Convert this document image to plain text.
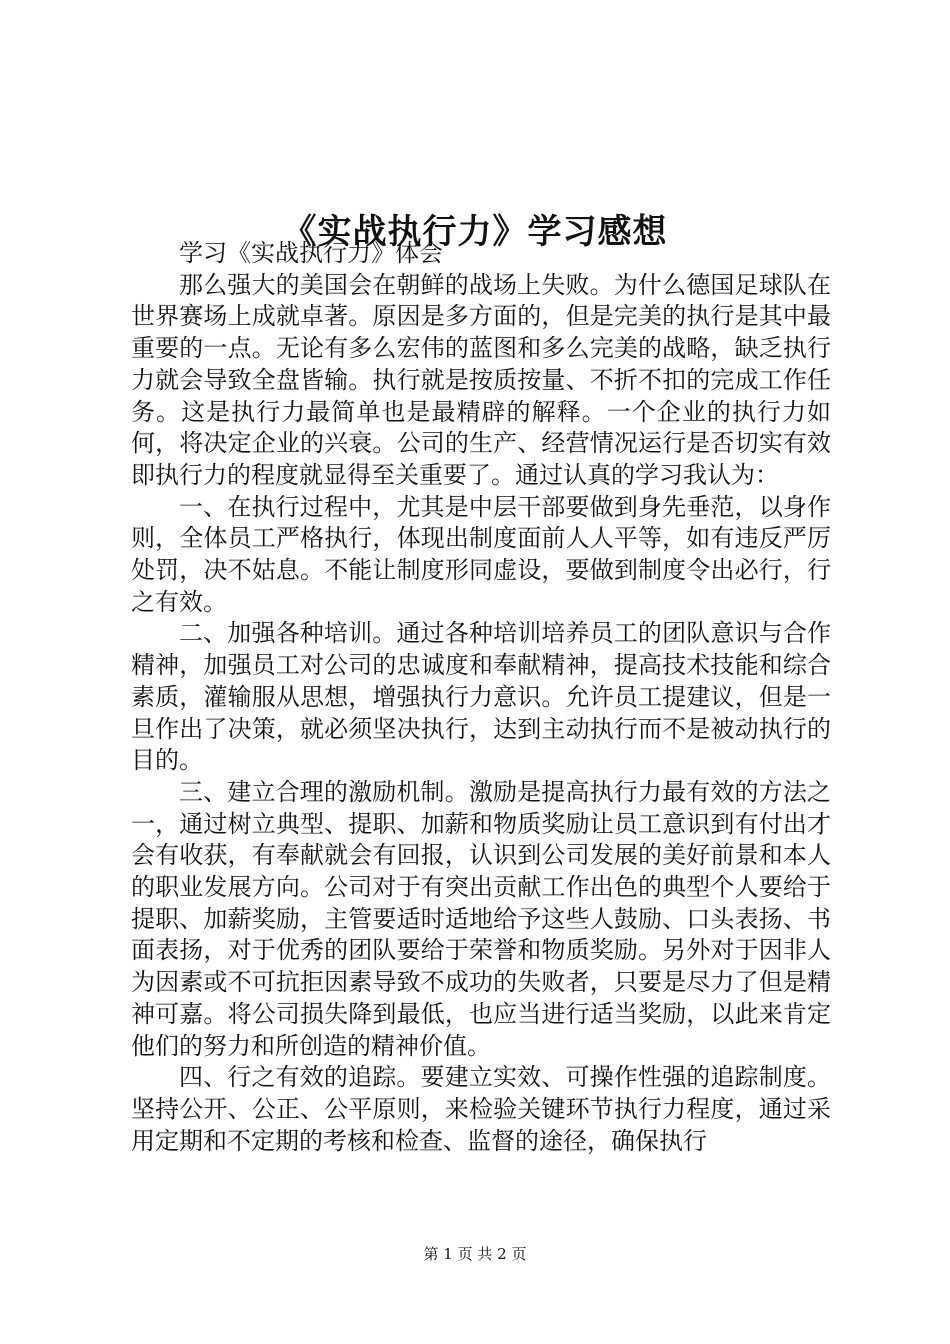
《实战执行力》学习感想

学习《实战执行力》体会

那么强大的美国会在朝鲜的战场上失败。为什么德国足球队在世界赛场上成就卓著。原因是多方面的，但是完美的执行是其中最重要的一点。无论有多么宏伟的蓝图和多么完美的战略，缺乏执行力就会导致全盘皆输。执行就是按质按量、不折不扣的完成工作任务。这是执行力最简单也是最精辟的解释。一个企业的执行力如何，将决定企业的兴衰。公司的生产、经营情况运行是否切实有效即执行力的程度就显得至关重要了。通过认真的学习我认为：

一、在执行过程中，尤其是中层干部要做到身先垂范，以身作则，全体员工严格执行，体现出制度面前人人平等，如有违反严厉处罚，决不姑息。不能让制度形同虚设，要做到制度令出必行，行之有效。

二、加强各种培训。通过各种培训培养员工的团队意识与合作精神，加强员工对公司的忠诚度和奉献精神，提高技术技能和综合素质，灌输服从思想，增强执行力意识。允许员工提建议，但是一旦作出了决策，就必须坚决执行，达到主动执行而不是被动执行的目的。

三、建立合理的激励机制。激励是提高执行力最有效的方法之一，通过树立典型、提职、加薪和物质奖励让员工意识到有付出才会有收获，有奉献就会有回报，认识到公司发展的美好前景和本人的职业发展方向。公司对于有突出贡献工作出色的典型个人要给于提职、加薪奖励，主管要适时适地给予这些人鼓励、口头表扬、书面表扬，对于优秀的团队要给于荣誉和物质奖励。另外对于因非人为因素或不可抗拒因素导致不成功的失败者，只要是尽力了但是精神可嘉。将公司损失降到最低，也应当进行适当奖励，以此来肯定他们的努力和所创造的精神价值。

四、行之有效的追踪。要建立实效、可操作性强的追踪制度。坚持公开、公正、公平原则，来检验关键环节执行力程度，通过采用定期和不定期的考核和检查、监督的途径，确保执行

第 1 页 共 2 页
